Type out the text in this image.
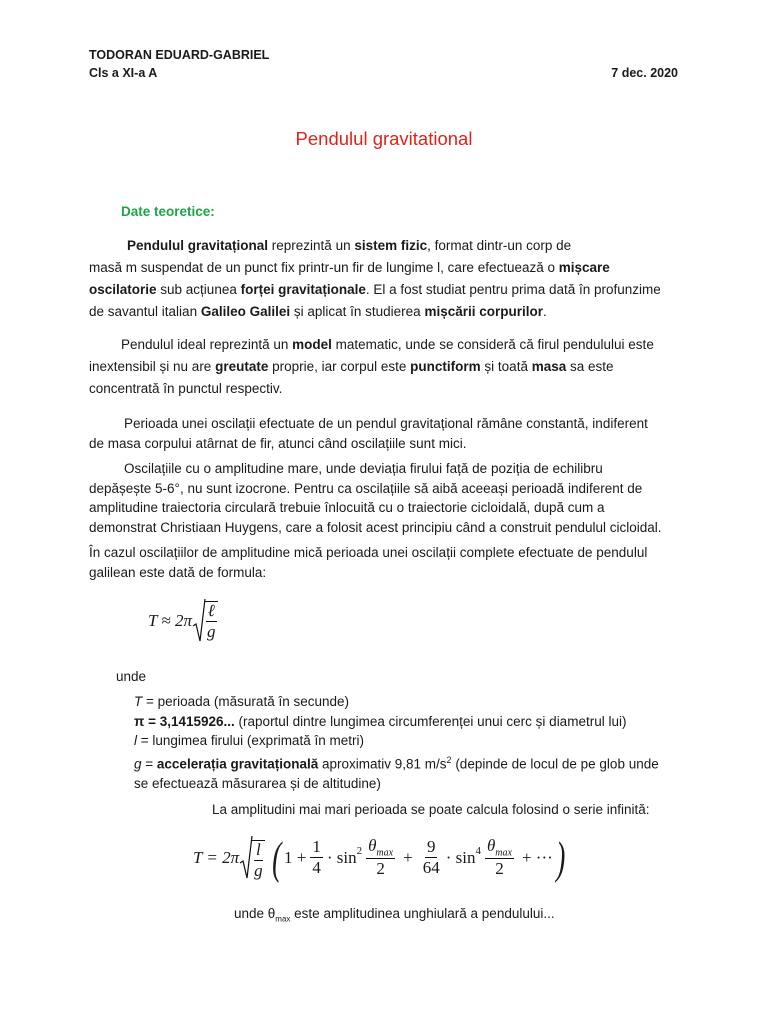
TODORAN EDUARD-GABRIEL
Cls a XI-a A	7 dec. 2020
Pendulul gravitational
Date teoretice:
Pendulul gravitațional reprezintă un sistem fizic, format dintr-un corp de
masă m suspendat de un punct fix printr-un fir de lungime l, care efectuează o mișcare
oscilatorie sub acțiunea forței gravitaționale. El a fost studiat pentru prima dată în profunzime
de savantul italian Galileo Galilei și aplicat în studierea mișcării corpurilor.
Pendulul ideal reprezintă un model matematic, unde se consideră că firul pendulului este
inextensibil și nu are greutate proprie, iar corpul este punctiform și toată masa sa este
concentrată în punctul respectiv.
Perioada unei oscilații efectuate de un pendul gravitațional rămâne constantă, indiferent
de masa corpului atârnat de fir, atunci când oscilațiile sunt mici.
Oscilațiile cu o amplitudine mare, unde deviația firului față de poziția de echilibru
depășește 5-6°, nu sunt izocrone. Pentru ca oscilațiile să aibă aceeași perioadă indiferent de
amplitudine traiectoria circulară trebuie înlocuită cu o traiectorie cicloidală, după cum a
demonstrat Christiaan Huygens, care a folosit acest principiu când a construit pendulul cicloidal.
În cazul oscilațiilor de amplitudine mică perioada unei oscilații complete efectuate de pendulul
galilean este dată de formula:
$T \approx 2\pi \frac{\text{ℓ}}{g}$
unde
T = perioada (măsurată în secunde)
π = 3,1415926... (raportul dintre lungimea circumferenței unui cerc și diametrul lui)
l = lungimea firului (exprimată în metri)
g = accelerația gravitațională aproximativ 9,81 $m/s^2$ (depinde de locul de pe glob unde
se efectuează măsurarea și de altitudine)
La amplitudini mai mari perioada se poate calcula folosind o serie infinită:
$T = 2\pi \frac{l}{g}$ ( $1 + \frac{1}{4} \cdot \sin^2 \frac{\theta_{max}}{2} + \frac{9}{64} \cdot \sin^4 \frac{\theta_{max}}{2}$ + ··· )
unde $\theta_{max}$ este amplitudinea unghiulară a pendulului...
